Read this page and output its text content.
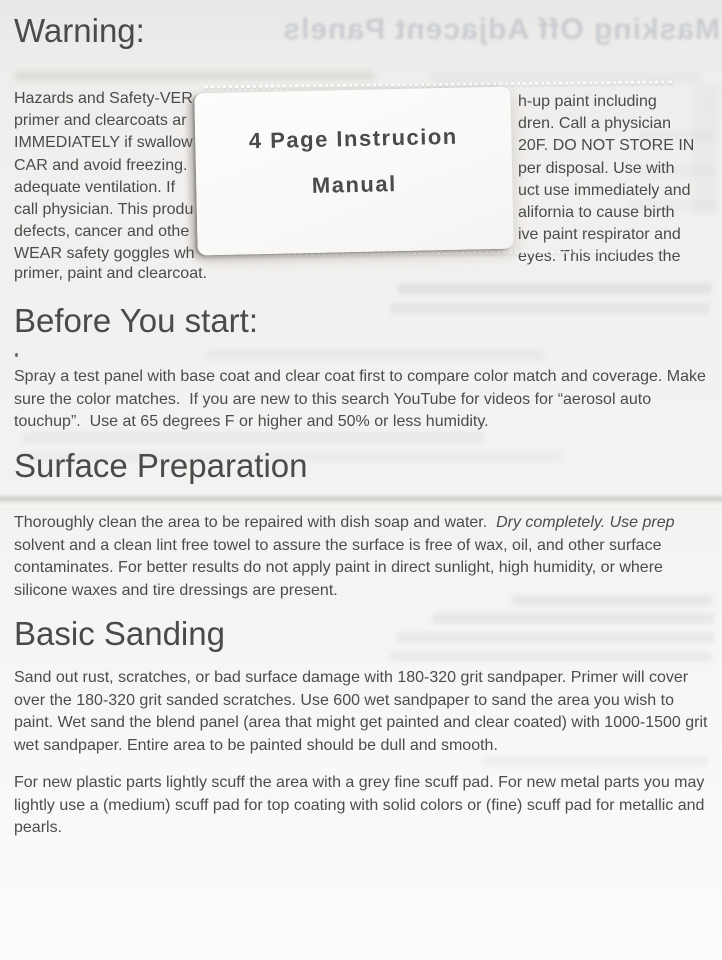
Masking Off Adjacent Panels
Warning:
Hazards and Safety-VER
primer and clearcoats ar
IMMEDIATELY if swallow
CAR and avoid freezing.
adequate ventilation. If
call physician. This produ
defects, cancer and othe
WEAR safety goggles wh
h-up paint including
dren. Call a physician
20F. DO NOT STORE IN
per disposal. Use with
uct use immediately and
alifornia to cause birth
ive paint respirator and
eyes. This includes the
primer, paint and clearcoat.
4 Page Instrucion
Manual
Before You start:

Spray a test panel with base coat and clear coat first to compare color match and coverage. Make sure the color matches.  If you are new to this search YouTube for videos for “aerosol auto touchup”.  Use at 65 degrees F or higher and 50% or less humidity.

Surface Preparation

Thoroughly clean the area to be repaired with dish soap and water.  Dry completely. Use prep solvent and a clean lint free towel to assure the surface is free of wax, oil, and other surface contaminates. For better results do not apply paint in direct sunlight, high humidity, or where silicone waxes and tire dressings are present.

Basic Sanding

Sand out rust, scratches, or bad surface damage with 180-320 grit sandpaper. Primer will cover over the 180-320 grit sanded scratches. Use 600 wet sandpaper to sand the area you wish to paint. Wet sand the blend panel (area that might get painted and clear coated) with 1000-1500 grit wet sandpaper. Entire area to be painted should be dull and smooth.

For new plastic parts lightly scuff the area with a grey fine scuff pad. For new metal parts you may lightly use a (medium) scuff pad for top coating with solid colors or (fine) scuff pad for metallic and pearls.
